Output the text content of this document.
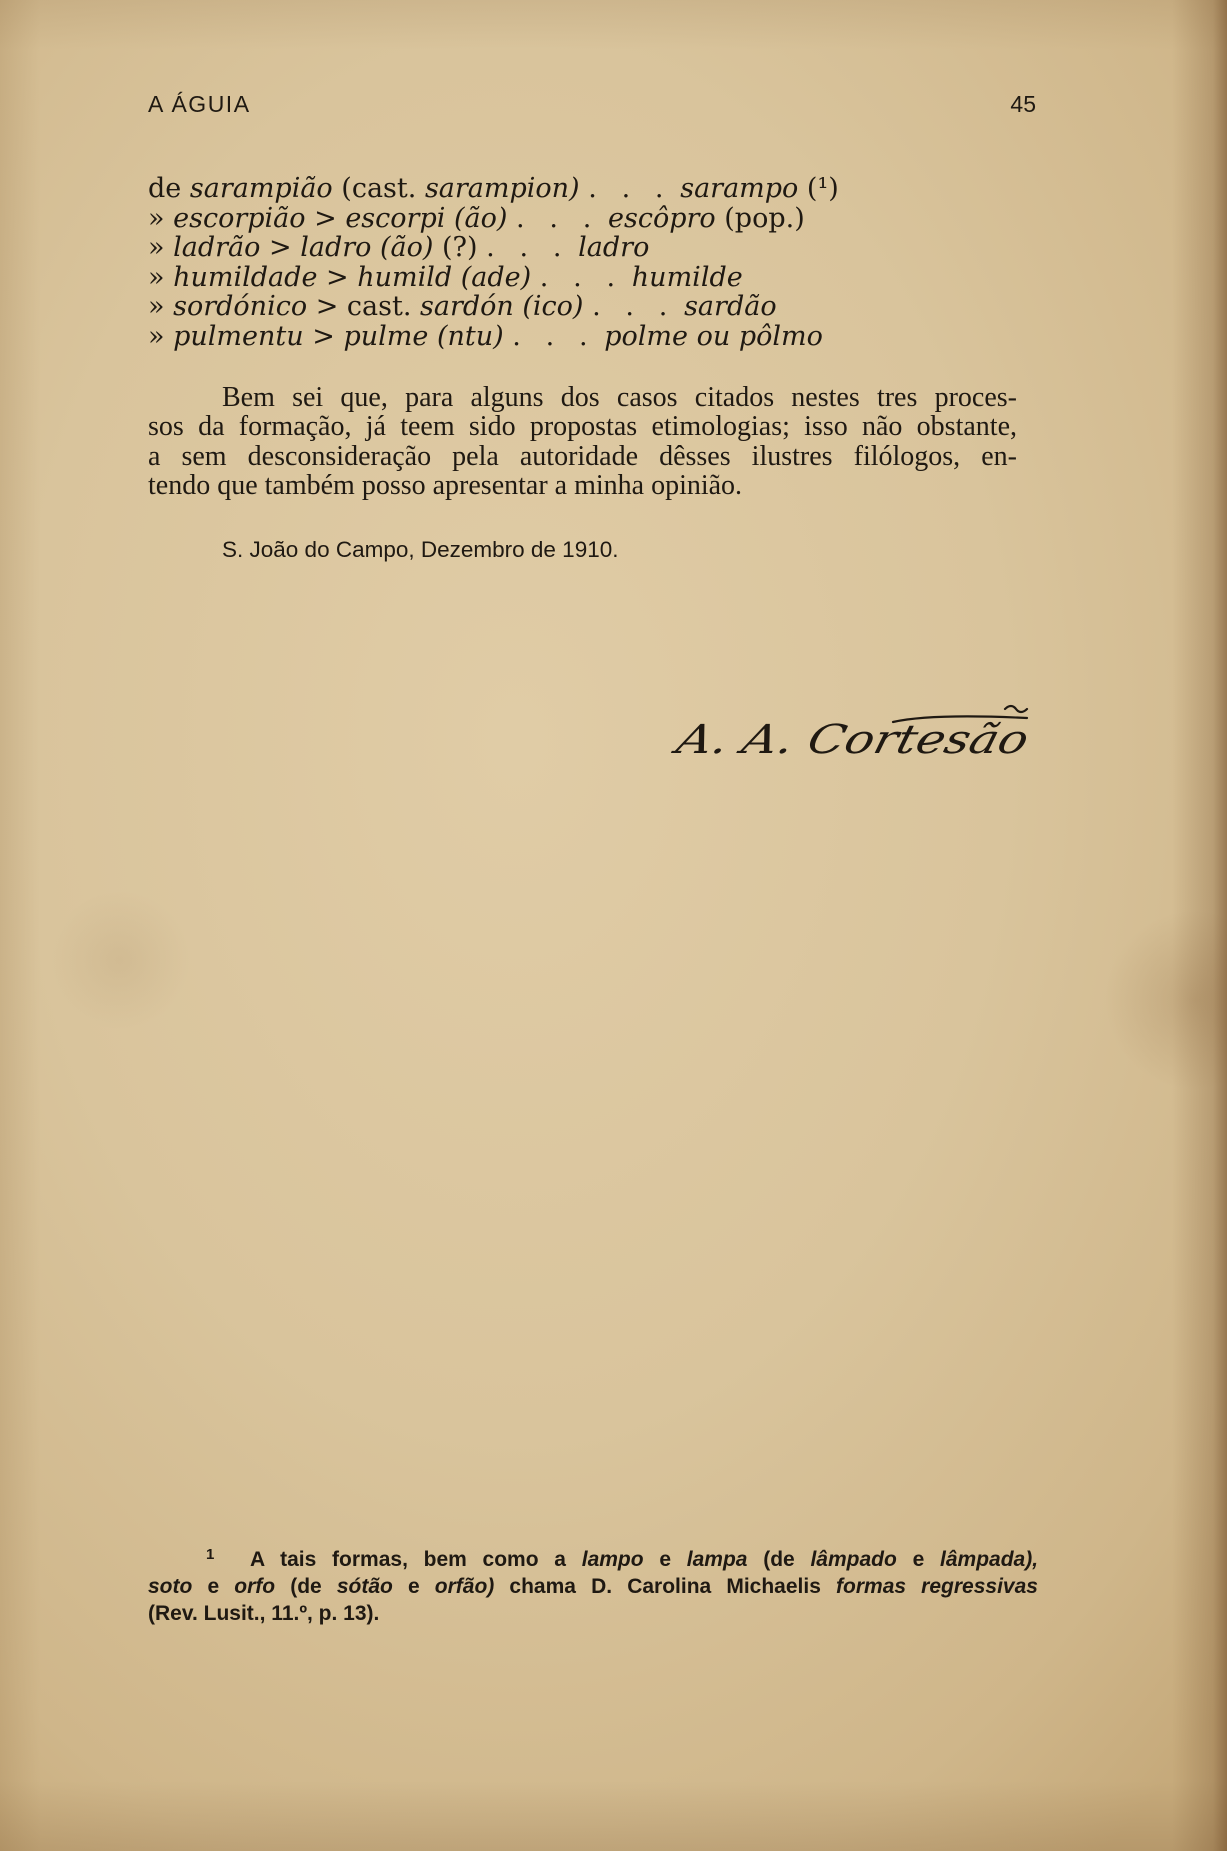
A ÁGUIA	45
de sarampião (cast. sarampion) . . . sarampo (¹)
» escorpião > escorpi (ão) . . . escôpro (pop.)
» ladrão > ladro (ão) (?) . . . ladro
» humildade > humild (ade) . . . humilde
» sordónico > cast. sardón (ico) . . . sardão
» pulmentu > pulme (ntu) . . . polme ou pôlmo
Bem sei que, para alguns dos casos citados nestes tres proces-
sos da formação, já teem sido propostas etimologias; isso não obstante,
a sem desconsideração pela autoridade dêsses ilustres filólogos, en-
tendo que também posso apresentar a minha opinião.
S. João do Campo, Dezembro de 1910.
A. A. Cortesão
1 A tais formas, bem como a lampo e lampa (de lâmpado e lâmpada),
soto e orfo (de sótão e orfão) chama D. Carolina Michaelis formas regressivas
(Rev. Lusit., 11.º, p. 13).
